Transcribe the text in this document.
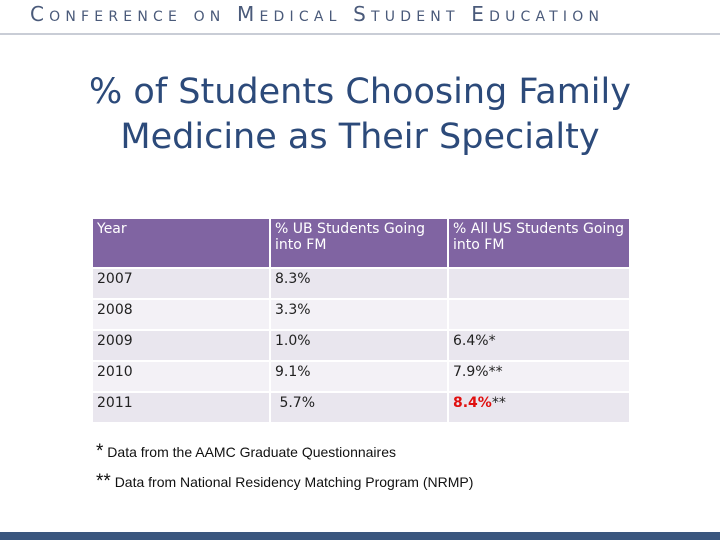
Conference on Medical Student Education
% of Students Choosing Family Medicine as Their Specialty
Year	% UB Students Going into FM	% All US Students Going into FM
2007	8.3%	
2008	3.3%	
2009	1.0%	6.4%*
2010	9.1%	7.9%**
2011	5.7%	8.4%**
* Data from the AAMC Graduate Questionnaires
** Data from National Residency Matching Program (NRMP)
